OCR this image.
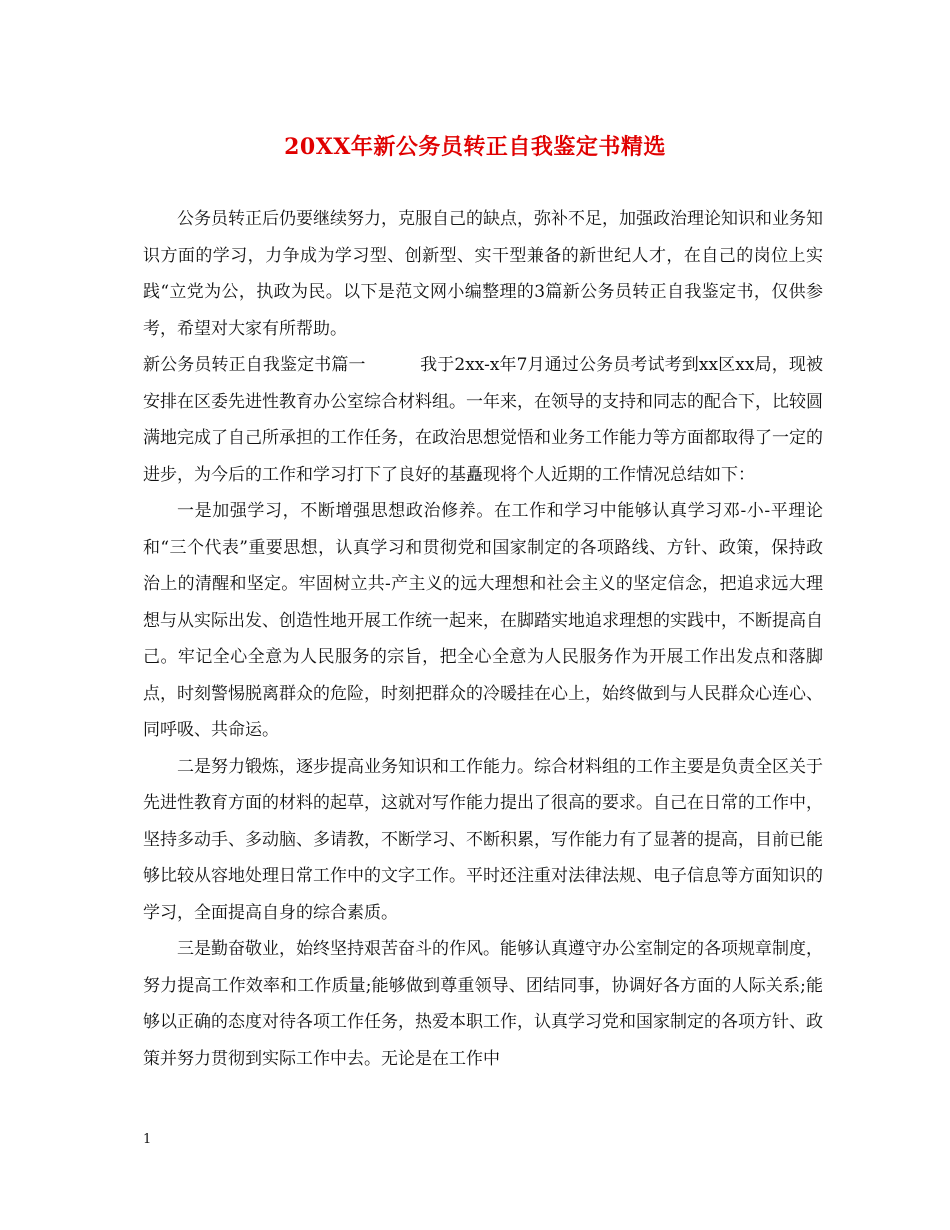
20XX年新公务员转正自我鉴定书精选

公务员转正后仍要继续努力，克服自己的缺点，弥补不足，加强政治理论知识和业务知识方面的学习，力争成为学习型、创新型、实干型兼备的新世纪人才，在自己的岗位上实践“立党为公，执政为民。以下是范文网小编整理的3篇新公务员转正自我鉴定书，仅供参考，希望对大家有所帮助。

新公务员转正自我鉴定书篇一	我于2xx-x年7月通过公务员考试考到xx区xx局，现被安排在区委先进性教育办公室综合材料组。一年来，在领导的支持和同志的配合下，比较圆满地完成了自己所承担的工作任务，在政治思想觉悟和业务工作能力等方面都取得了一定的进步，为今后的工作和学习打下了良好的基矗现将个人近期的工作情况总结如下：

一是加强学习，不断增强思想政治修养。在工作和学习中能够认真学习邓-小-平理论和“三个代表”重要思想，认真学习和贯彻党和国家制定的各项路线、方针、政策，保持政治上的清醒和坚定。牢固树立共-产主义的远大理想和社会主义的坚定信念，把追求远大理想与从实际出发、创造性地开展工作统一起来，在脚踏实地追求理想的实践中，不断提高自己。牢记全心全意为人民服务的宗旨，把全心全意为人民服务作为开展工作出发点和落脚点，时刻警惕脱离群众的危险，时刻把群众的冷暖挂在心上，始终做到与人民群众心连心、同呼吸、共命运。

二是努力锻炼，逐步提高业务知识和工作能力。综合材料组的工作主要是负责全区关于先进性教育方面的材料的起草，这就对写作能力提出了很高的要求。自己在日常的工作中，坚持多动手、多动脑、多请教，不断学习、不断积累，写作能力有了显著的提高，目前已能够比较从容地处理日常工作中的文字工作。平时还注重对法律法规、电子信息等方面知识的学习，全面提高自身的综合素质。

三是勤奋敬业，始终坚持艰苦奋斗的作风。能够认真遵守办公室制定的各项规章制度，努力提高工作效率和工作质量;能够做到尊重领导、团结同事，协调好各方面的人际关系;能够以正确的态度对待各项工作任务，热爱本职工作，认真学习党和国家制定的各项方针、政策并努力贯彻到实际工作中去。无论是在工作中

1
